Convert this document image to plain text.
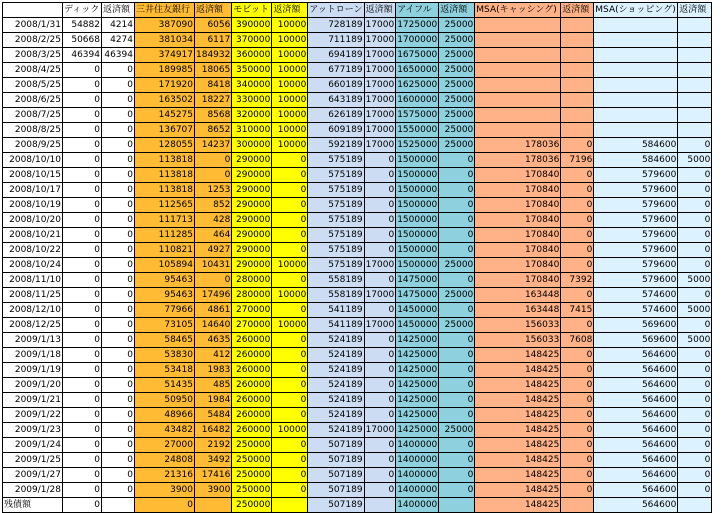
	ディック	返済額	三井住友銀行	返済額	モビット	返済額	アットローン	返済額	アイフル	返済額	MSA(キャッシング)	返済額	MSA(ショッピング)	返済額
2008/1/31	54882	4214	387090	6056	390000	10000	728189	17000	1725000	25000				
2008/2/25	50668	4274	381034	6117	370000	10000	711189	17000	1700000	25000				
2008/3/25	46394	46394	374917	184932	360000	10000	694189	17000	1675000	25000				
2008/4/25	0	0	189985	18065	350000	10000	677189	17000	1650000	25000				
2008/5/25	0	0	171920	8418	340000	10000	660189	17000	1625000	25000				
2008/6/25	0	0	163502	18227	330000	10000	643189	17000	1600000	25000				
2008/7/25	0	0	145275	8568	320000	10000	626189	17000	1575000	25000				
2008/8/25	0	0	136707	8652	310000	10000	609189	17000	1550000	25000				
2008/9/25	0	0	128055	14237	300000	10000	592189	17000	1525000	25000	178036	0	584600	0
2008/10/10	0	0	113818	0	290000	0	575189	0	1500000	0	178036	7196	584600	5000
2008/10/15	0	0	113818	0	290000	0	575189	0	1500000	0	170840	0	579600	0
2008/10/17	0	0	113818	1253	290000	0	575189	0	1500000	0	170840	0	579600	0
2008/10/19	0	0	112565	852	290000	0	575189	0	1500000	0	170840	0	579600	0
2008/10/20	0	0	111713	428	290000	0	575189	0	1500000	0	170840	0	579600	0
2008/10/21	0	0	111285	464	290000	0	575189	0	1500000	0	170840	0	579600	0
2008/10/22	0	0	110821	4927	290000	0	575189	0	1500000	0	170840	0	579600	0
2008/10/24	0	0	105894	10431	290000	10000	575189	17000	1500000	25000	170840	0	579600	0
2008/11/10	0	0	95463	0	280000	0	558189	0	1475000	0	170840	7392	579600	5000
2008/11/25	0	0	95463	17496	280000	10000	558189	17000	1475000	25000	163448	0	574600	0
2008/12/10	0	0	77966	4861	270000	0	541189	0	1450000	0	163448	7415	574600	5000
2008/12/25	0	0	73105	14640	270000	10000	541189	17000	1450000	25000	156033	0	569600	0
2009/1/13	0	0	58465	4635	260000	0	524189	0	1425000	0	156033	7608	569600	5000
2009/1/18	0	0	53830	412	260000	0	524189	0	1425000	0	148425	0	564600	0
2009/1/19	0	0	53418	1983	260000	0	524189	0	1425000	0	148425	0	564600	0
2009/1/20	0	0	51435	485	260000	0	524189	0	1425000	0	148425	0	564600	0
2009/1/21	0	0	50950	1984	260000	0	524189	0	1425000	0	148425	0	564600	0
2009/1/22	0	0	48966	5484	260000	0	524189	0	1425000	0	148425	0	564600	0
2009/1/23	0	0	43482	16482	260000	10000	524189	17000	1425000	25000	148425	0	564600	0
2009/1/24	0	0	27000	2192	250000	0	507189	0	1400000	0	148425	0	564600	0
2009/1/25	0	0	24808	3492	250000	0	507189	0	1400000	0	148425	0	564600	0
2009/1/27	0	0	21316	17416	250000	0	507189	0	1400000	0	148425	0	564600	0
2009/1/28	0	0	3900	3900	250000	0	507189	0	1400000	0	148425	0	564600	0
残債額	0		0		250000		507189		1400000		148425		564600	
